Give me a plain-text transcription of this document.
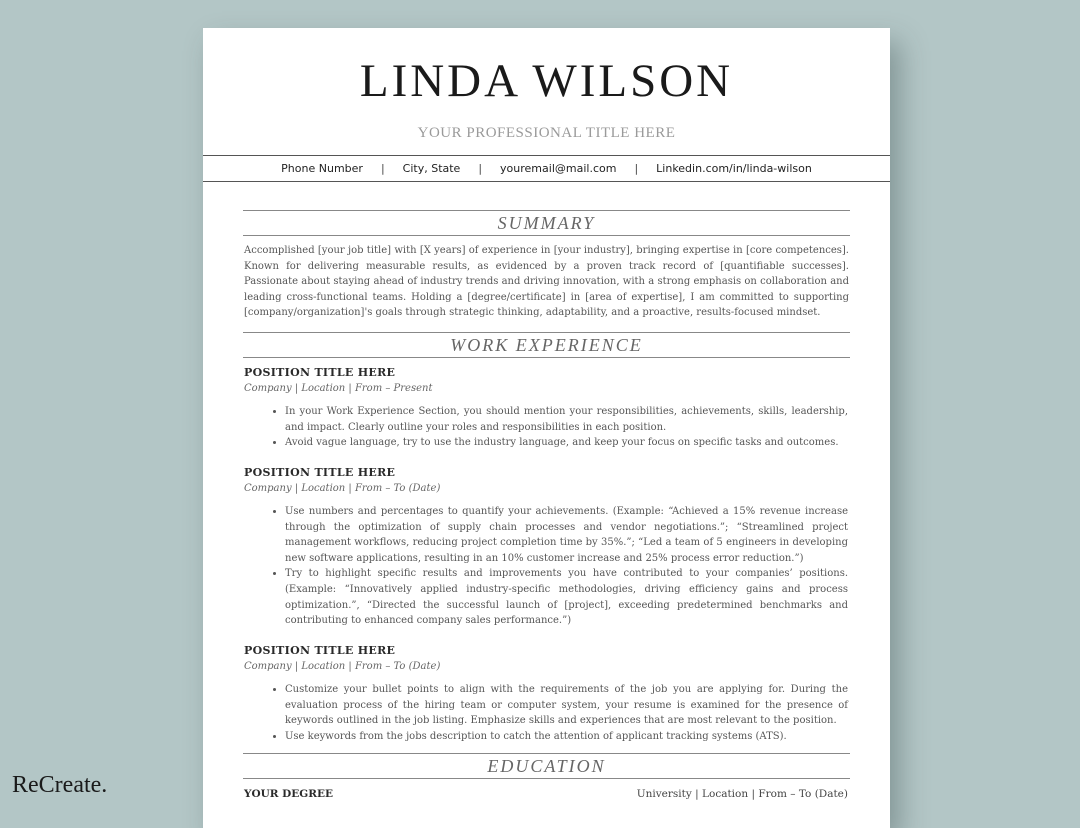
LINDA WILSON
YOUR PROFESSIONAL TITLE HERE
Phone Number | City, State | youremail@mail.com | Linkedin.com/in/linda-wilson
SUMMARY

Accomplished [your job title] with [X years] of experience in [your industry], bringing expertise in [core competences]. Known for delivering measurable results, as evidenced by a proven track record of [quantifiable successes]. Passionate about staying ahead of industry trends and driving innovation, with a strong emphasis on collaboration and leading cross-functional teams. Holding a [degree/certificate] in [area of expertise], I am committed to supporting [company/organization]'s goals through strategic thinking, adaptability, and a proactive, results-focused mindset.

WORK EXPERIENCE
POSITION TITLE HERE
Company | Location | From – Present
• In your Work Experience Section, you should mention your responsibilities, achievements, skills, leadership, and impact. Clearly outline your roles and responsibilities in each position.
• Avoid vague language, try to use the industry language, and keep your focus on specific tasks and outcomes.
POSITION TITLE HERE
Company | Location | From – To (Date)
• Use numbers and percentages to quantify your achievements. (Example: “Achieved a 15% revenue increase through the optimization of supply chain processes and vendor negotiations.”; “Streamlined project management workflows, reducing project completion time by 35%.”; “Led a team of 5 engineers in developing new software applications, resulting in an 10% customer increase and 25% process error reduction.”)
• Try to highlight specific results and improvements you have contributed to your companies’ positions. (Example: “Innovatively applied industry-specific methodologies, driving efficiency gains and process optimization.”, “Directed the successful launch of [project], exceeding predetermined benchmarks and contributing to enhanced company sales performance.”)
POSITION TITLE HERE
Company | Location | From – To (Date)
• Customize your bullet points to align with the requirements of the job you are applying for. During the evaluation process of the hiring team or computer system, your resume is examined for the presence of keywords outlined in the job listing. Emphasize skills and experiences that are most relevant to the position.
• Use keywords from the jobs description to catch the attention of applicant tracking systems (ATS).
EDUCATION
YOUR DEGREE	University | Location | From – To (Date)
ReCreate.
